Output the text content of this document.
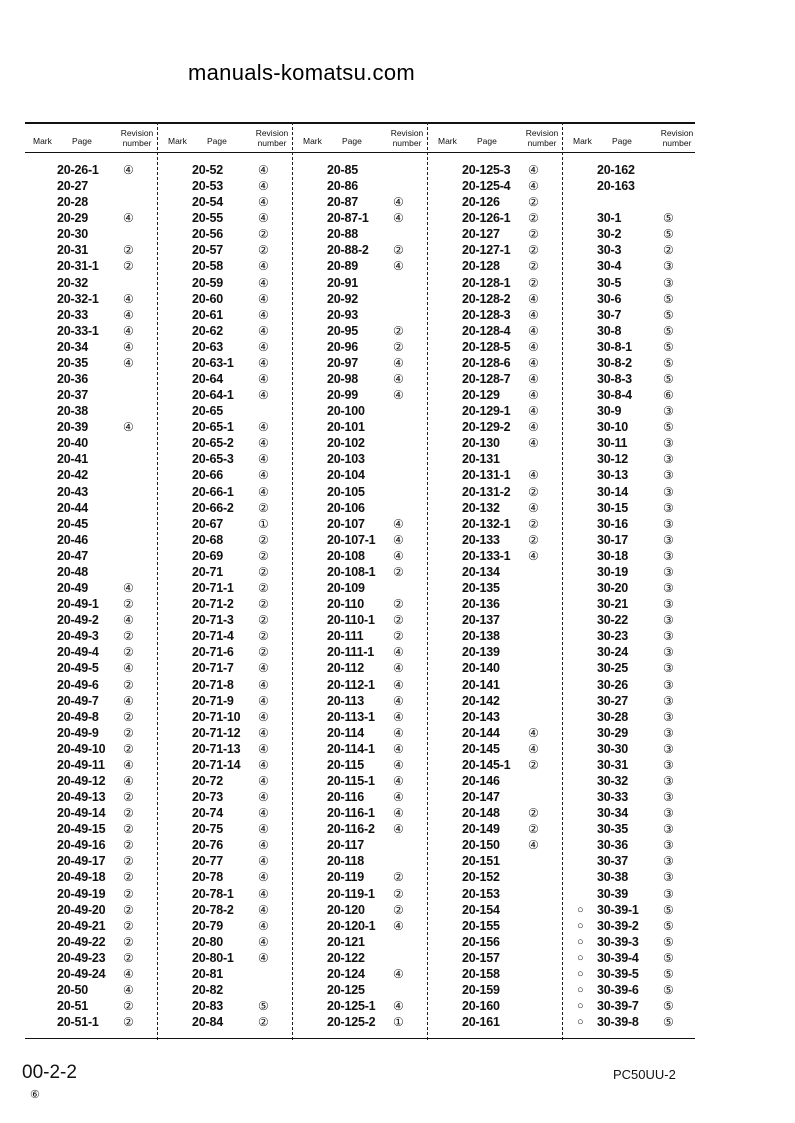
Mark Page
Revision
number
20-26-1 ④
20-27
20-28
20-29	④
20-30
20-31	②
20-31-1 ②
20-32
20-32-1 ④
20-33	④
20-33-1 ④
20-34	④
20-35	④
20-36
20-37
20-38
20-39	④
20-40
20-41
20-42
20-43
20-44
20-45
20-46
20-47
20-48
20-49	④
20-49-1 ②
20-49-2 ④
20-49-3 ②
20-49-4 ②
20-49-5 ④
20-49-6 ②
20-49-7 ④
20-49-8 ②
20-49-9 ②
20-49-10 ②
20-49-11 ④
20-49-12 ④
20-49-13 ②
20-49-14 ②
20-49-15 ②
20-49-16 ②
20-49-17 ②
20-49-18 ②
20-49-19 ②
20-49-20 ②
20-49-21 ②
20-49-22 ②
20-49-23 ②
20-49-24 ④
20-50	④
20-51	②
20-51-1 ②
Mark Page
Revision
number
20-52	④
20-53	④
20-54	④
20-55	④
20-56	②
20-57	②
20-58	④
20-59	④
20-60	④
20-61	④
20-62	④
20-63	④
20-63-1 ④
20-64	④
20-64-1 ④
20-65
20-65-1 ④
20-65-2 ④
20-65-3 ④
20-66	④
20-66-1 ④
20-66-2 ②
20-67	①
20-68	②
20-69	②
20-71	②
20-71-1 ②
20-71-2 ②
20-71-3 ②
20-71-4 ②
20-71-6 ②
20-71-7 ④
20-71-8 ④
20-71-9 ④
20-71-10 ④
20-71-12 ④
20-71-13 ④
20-71-14 ④
20-72	④
20-73	④
20-74	④
20-75	④
20-76	④
20-77	④
20-78	④
20-78-1 ④
20-78-2 ④
20-79	④
20-80	④
20-80-1 ④
20-81
20-82
20-83	⑤
20-84	②
Mark Page
Revision
number
20-85
20-86
20-87	④
20-87-1 ④
20-88
20-88-2 ②
20-89	④
20-91
20-92
20-93
20-95	②
20-96	②
20-97	④
20-98	④
20-99	④
20-100
20-101
20-102
20-103
20-104
20-105
20-106
20-107 ④
20-107-1 ④
20-108 ④
20-108-1 ②
20-109
20-110 ②
20-110-1 ②
20-111 ②
20-111-1 ④
20-112 ④
20-112-1 ④
20-113 ④
20-113-1 ④
20-114 ④
20-114-1 ④
20-115 ④
20-115-1 ④
20-116 ④
20-116-1 ④
20-116-2 ④
20-117
20-118
20-119 ②
20-119-1 ②
20-120 ②
20-120-1 ④
20-121
20-122
20-124 ④
20-125
20-125-1 ④
20-125-2 ①
Mark Page
Revision
number
20-125-3 ④
20-125-4 ④
20-126 ②
20-126-1 ②
20-127 ②
20-127-1 ②
20-128 ②
20-128-1 ②
20-128-2 ④
20-128-3 ④
20-128-4 ④
20-128-5 ④
20-128-6 ④
20-128-7 ④
20-129 ④
20-129-1 ④
20-129-2 ④
20-130 ④
20-131
20-131-1 ④
20-131-2 ②
20-132 ④
20-132-1 ②
20-133 ②
20-133-1 ④
20-134
20-135
20-136
20-137
20-138
20-139
20-140
20-141
20-142
20-143
20-144 ④
20-145 ④
20-145-1 ②
20-146
20-147
20-148 ②
20-149 ②
20-150 ④
20-151
20-152
20-153
20-154
20-155
20-156
20-157
20-158
20-159
20-160
20-161
Mark Page
Revision
number
20-162
20-163
30-1	⑤
30-2	⑤
30-3	②
30-4	③
30-5	③
30-6	⑤
30-7	⑤
30-8	⑤
30-8-1	⑤
30-8-2	⑤
30-8-3	⑤
30-8-4	⑥
30-9	③
30-10	⑤
30-11	③
30-12	③
30-13	③
30-14	③
30-15	③
30-16	③
30-17	③
30-18	③
30-19	③
30-20	③
30-21	③
30-22	③
30-23	③
30-24	③
30-25	③
30-26	③
30-27	③
30-28	③
30-29	③
30-30	③
30-31	③
30-32	③
30-33	③
30-34	③
30-35	③
30-36	③
30-37	③
30-38	③
30-39	③
○ 30-39-1 ⑤
○ 30-39-2 ⑤
○ 30-39-3 ⑤
○ 30-39-4 ⑤
○ 30-39-5 ⑤
○ 30-39-6 ⑤
○ 30-39-7 ⑤
○ 30-39-8 ⑤
manuals-komatsu.com
00-2-2
⑥
PC50UU-2
